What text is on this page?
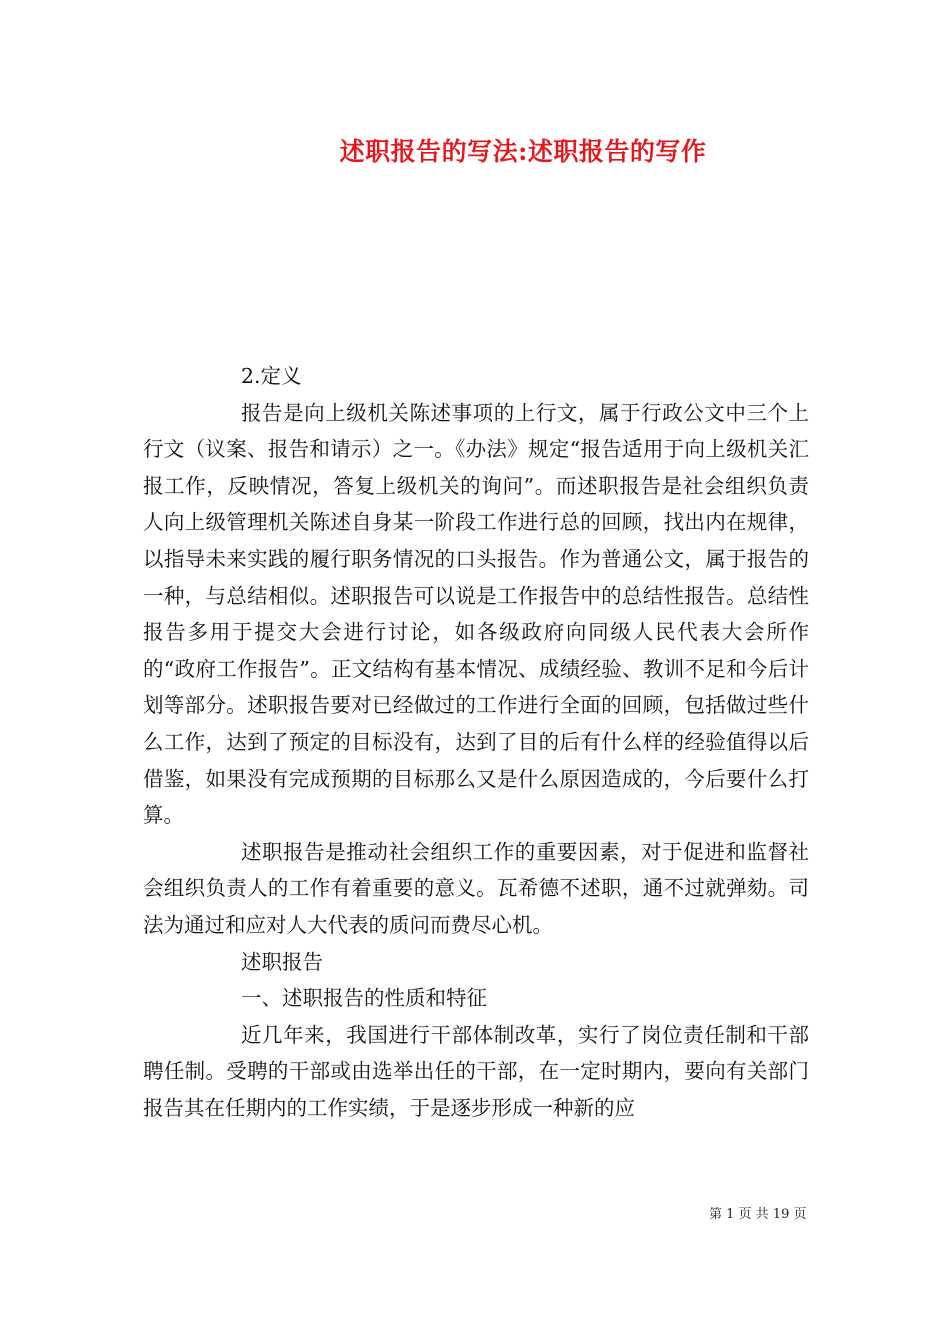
述职报告的写法:述职报告的写作

2.定义

报告是向上级机关陈述事项的上行文，属于行政公文中三个上行文（议案、报告和请示）之一。《办法》规定“报告适用于向上级机关汇报工作，反映情况，答复上级机关的询问”。而述职报告是社会组织负责人向上级管理机关陈述自身某一阶段工作进行总的回顾，找出内在规律，以指导未来实践的履行职务情况的口头报告。作为普通公文，属于报告的一种，与总结相似。述职报告可以说是工作报告中的总结性报告。总结性报告多用于提交大会进行讨论，如各级政府向同级人民代表大会所作的“政府工作报告”。正文结构有基本情况、成绩经验、教训不足和今后计划等部分。述职报告要对已经做过的工作进行全面的回顾，包括做过些什么工作，达到了预定的目标没有，达到了目的后有什么样的经验值得以后借鉴，如果没有完成预期的目标那么又是什么原因造成的，今后要什么打算。

述职报告是推动社会组织工作的重要因素，对于促进和监督社会组织负责人的工作有着重要的意义。瓦希德不述职，通不过就弹劾。司法为通过和应对人大代表的质问而费尽心机。

述职报告

一、述职报告的性质和特征

近几年来，我国进行干部体制改革，实行了岗位责任制和干部聘任制。受聘的干部或由选举出任的干部，在一定时期内，要向有关部门报告其在任期内的工作实绩，于是逐步形成一种新的应

第 1 页 共 19 页
